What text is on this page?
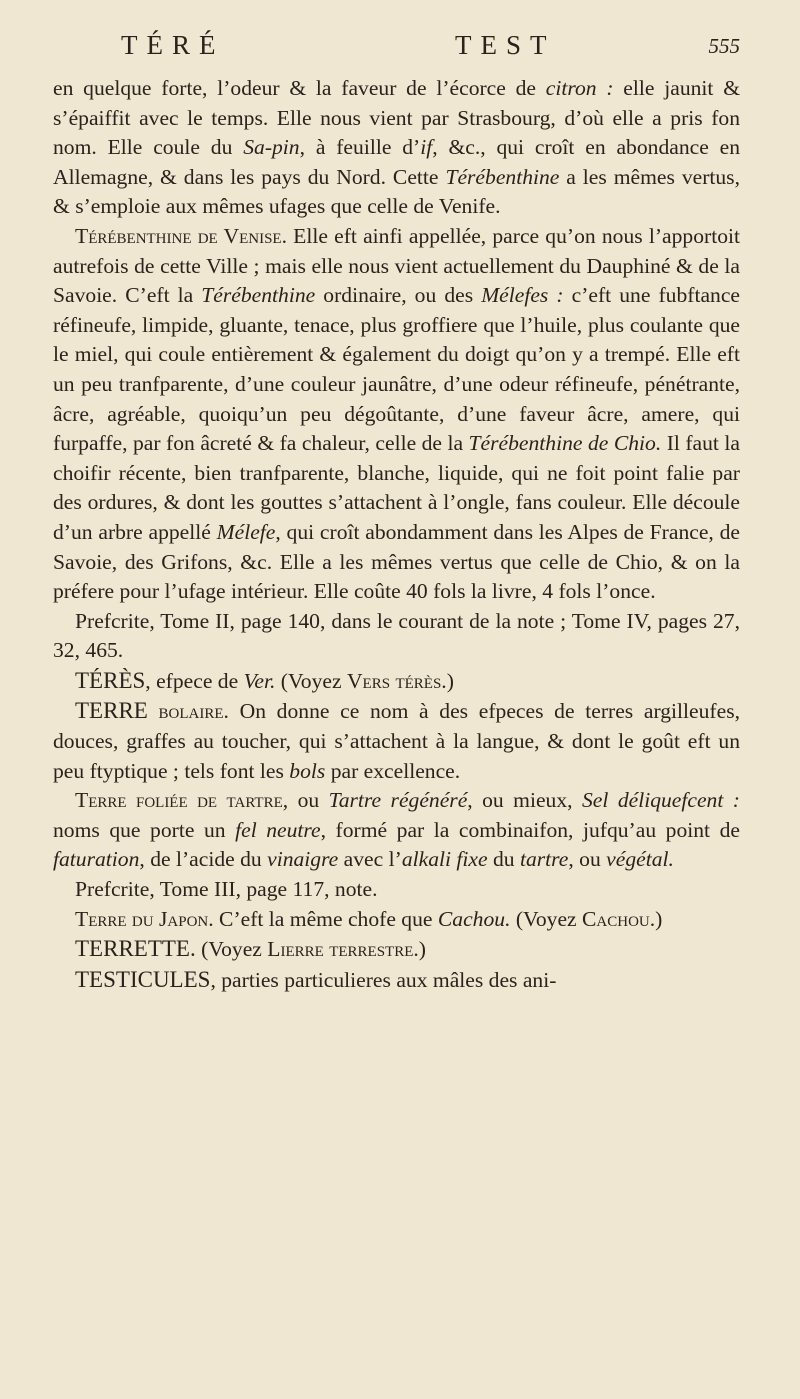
TÉRÉ	TEST	555

en quelque forte, l’odeur & la faveur de l’écorce de citron : elle jaunit & s’épaiffit avec le temps. Elle nous vient par Strasbourg, d’où elle a pris fon nom. Elle coule du Sa-pin, à feuille d’if, &c., qui croît en abondance en Allemagne, & dans les pays du Nord. Cette Térébenthine a les mêmes vertus, & s’emploie aux mêmes ufages que celle de Venife.

Térébenthine de Venise. Elle eft ainfi appellée, parce qu’on nous l’apportoit autrefois de cette Ville ; mais elle nous vient actuellement du Dauphiné & de la Savoie. C’eft la Térébenthine ordinaire, ou des Mélefes : c’eft une fubftance réfineufe, limpide, gluante, tenace, plus groffiere que l’huile, plus coulante que le miel, qui coule entièrement & également du doigt qu’on y a trempé. Elle eft un peu tranfparente, d’une couleur jaunâtre, d’une odeur réfineufe, pénétrante, âcre, agréable, quoiqu’un peu dégoûtante, d’une faveur âcre, amere, qui furpaffe, par fon âcreté & fa chaleur, celle de la Térébenthine de Chio. Il faut la choifir récente, bien tranfparente, blanche, liquide, qui ne foit point falie par des ordures, & dont les gouttes s’attachent à l’ongle, fans couleur. Elle découle d’un arbre appellé Mélefe, qui croît abondamment dans les Alpes de France, de Savoie, des Grifons, &c. Elle a les mêmes vertus que celle de Chio, & on la préfere pour l’ufage intérieur. Elle coûte 40 fols la livre, 4 fols l’once.

Prefcrite, Tome II, page 140, dans le courant de la note ; Tome IV, pages 27, 32, 465.

TÉRÈS, efpece de Ver. (Voyez Vers térès.)

TERRE bolaire. On donne ce nom à des efpeces de terres argilleufes, douces, graffes au toucher, qui s’attachent à la langue, & dont le goût eft un peu ftyptique ; tels font les bols par excellence.

Terre foliée de tartre, ou Tartre régénéré, ou mieux, Sel déliquefcent : noms que porte un fel neutre, formé par la combinaifon, jufqu’au point de faturation, de l’acide du vinaigre avec l’alkali fixe du tartre, ou végétal.

Prefcrite, Tome III, page 117, note.

Terre du Japon. C’eft la même chofe que Cachou. (Voyez Cachou.)

TERRETTE. (Voyez Lierre terrestre.)

TESTICULES, parties particulieres aux mâles des ani-
